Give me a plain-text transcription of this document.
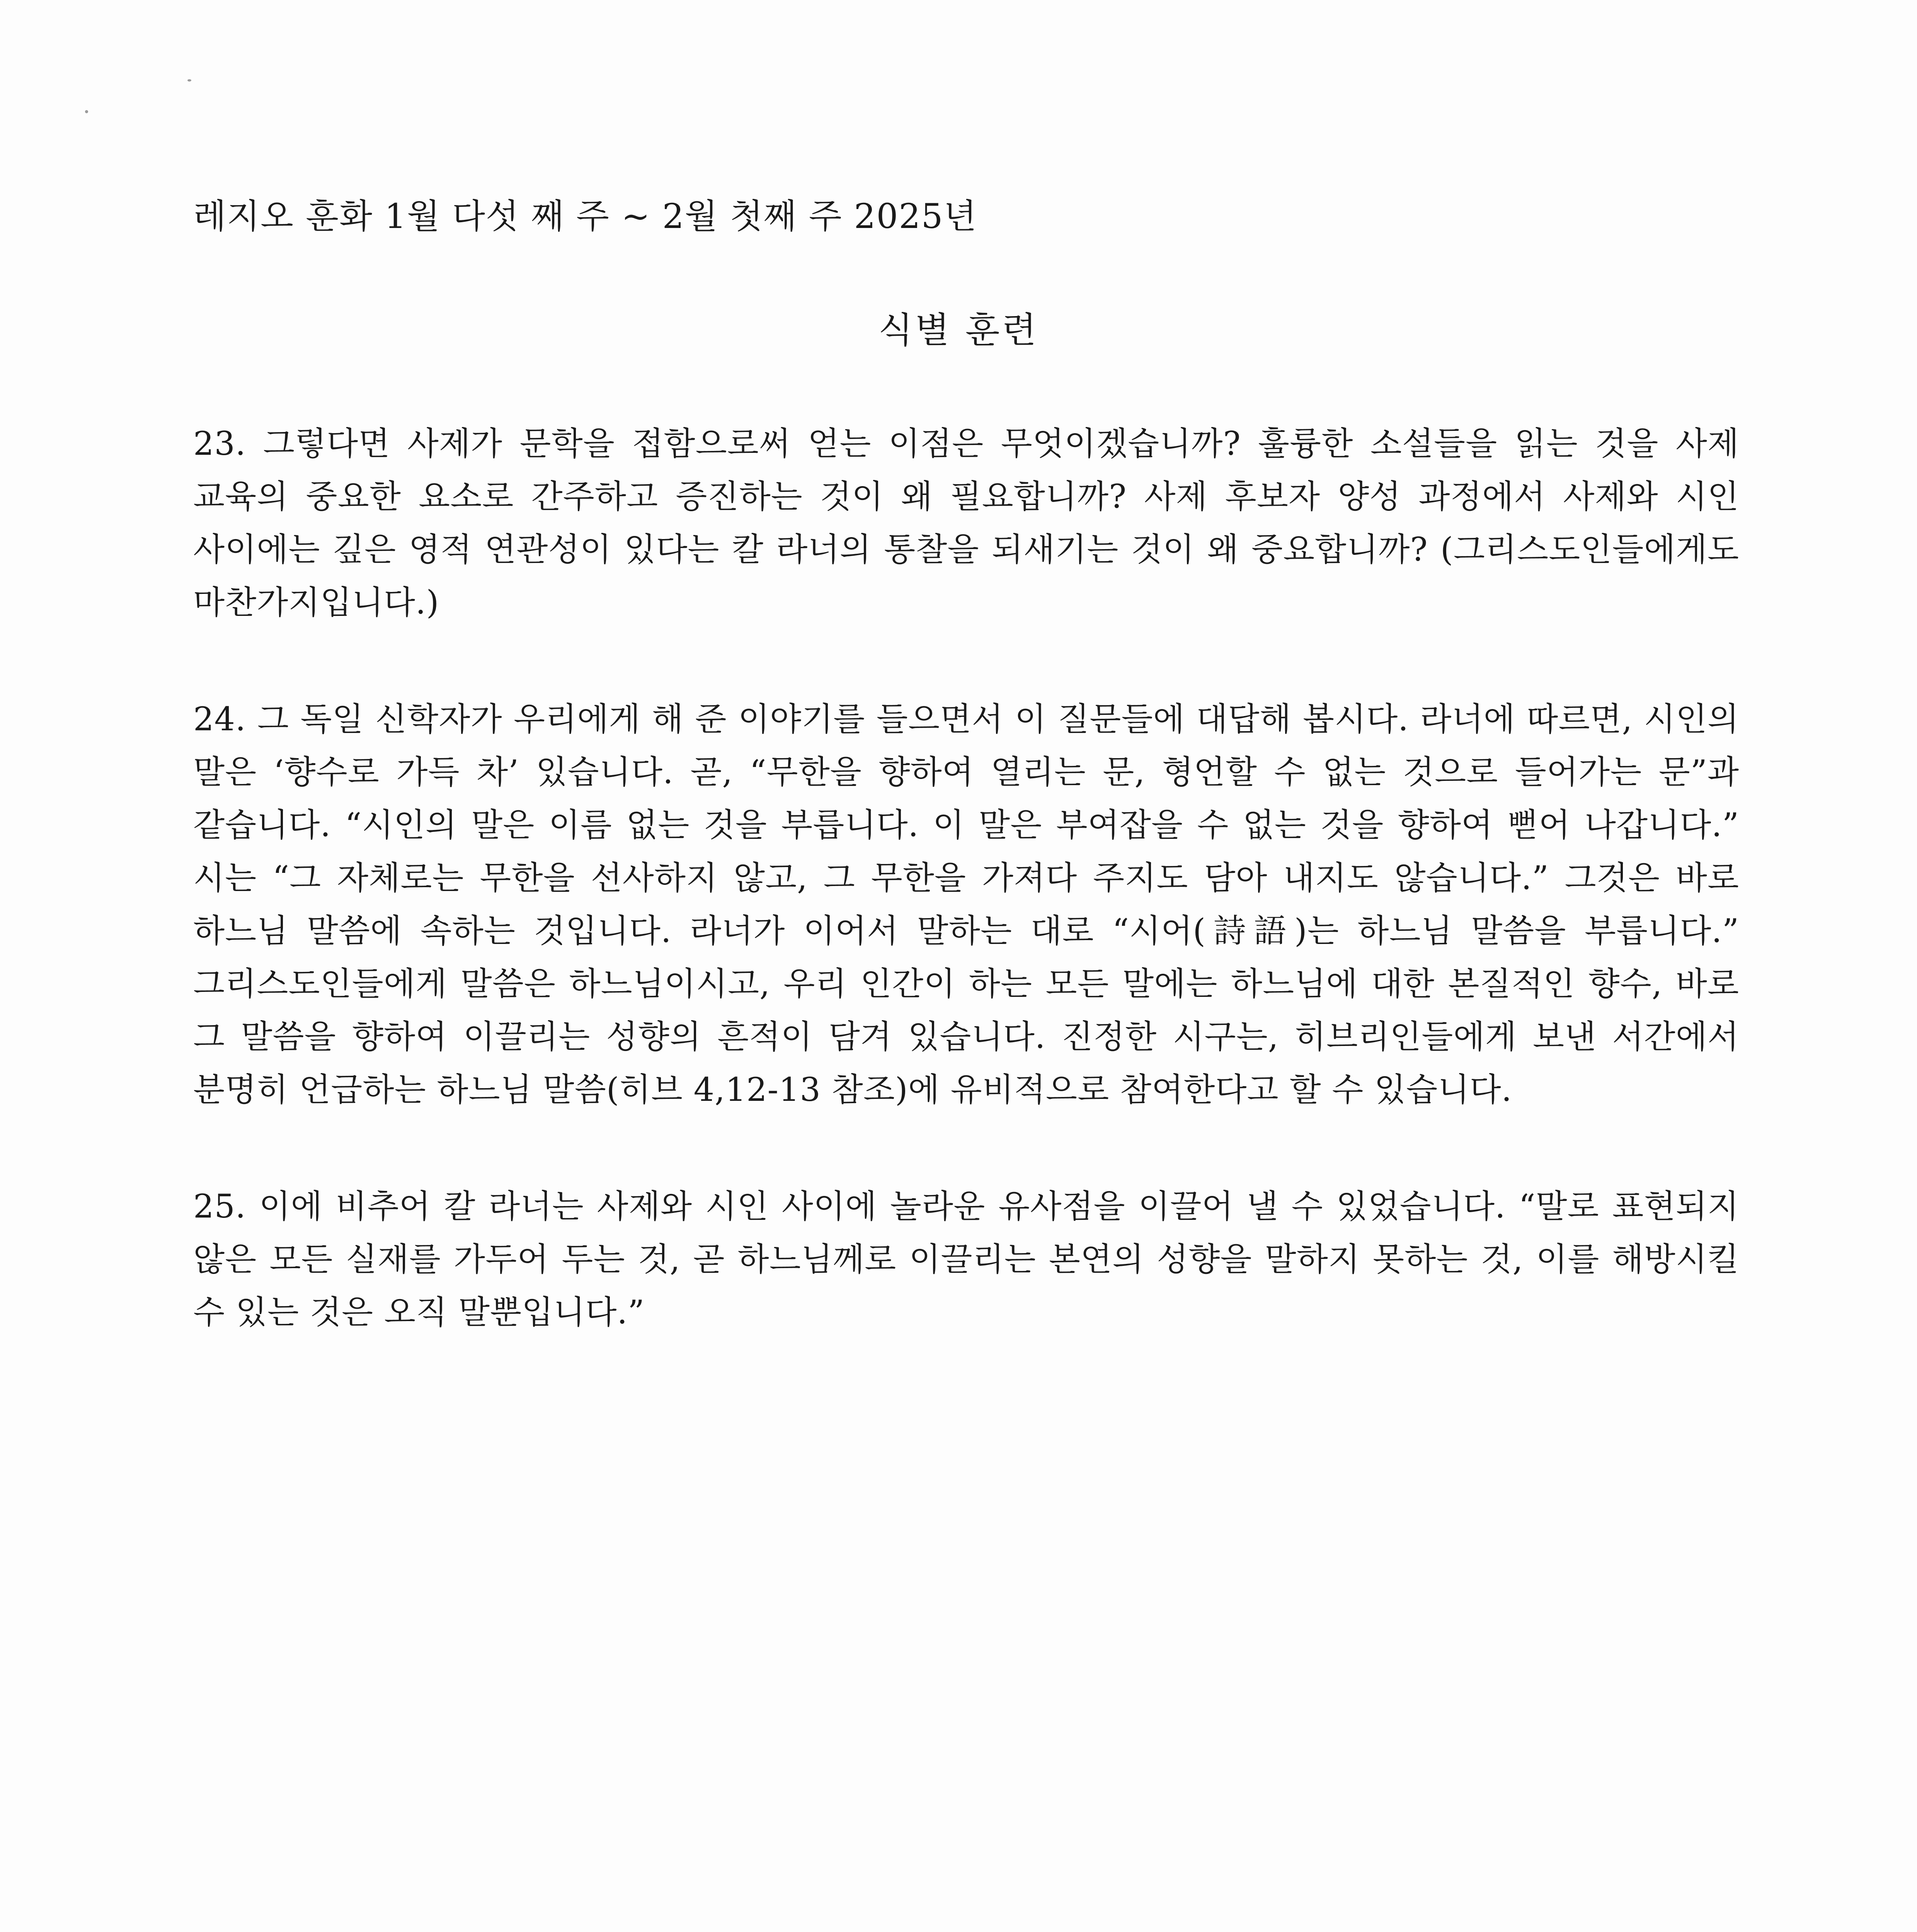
레지오 훈화 1월 다섯 째 주 ~ 2월 첫째 주 2025년
식별 훈련

23. 그렇다면 사제가 문학을 접함으로써 얻는 이점은 무엇이겠습니까? 훌륭한 소설들을 읽는 것을 사제 교육의 중요한 요소로 간주하고 증진하는 것이 왜 필요합니까? 사제 후보자 양성 과정에서 사제와 시인 사이에는 깊은 영적 연관성이 있다는 칼 라너의 통찰을 되새기는 것이 왜 중요합니까? (그리스도인들에게도 마찬가지입니다.)

24. 그 독일 신학자가 우리에게 해 준 이야기를 들으면서 이 질문들에 대답해 봅시다. 라너에 따르면, 시인의 말은 ‘향수로 가득 차’ 있습니다. 곧, “무한을 향하여 열리는 문, 형언할 수 없는 것으로 들어가는 문”과 같습니다. “시인의 말은 이름 없는 것을 부릅니다. 이 말은 부여잡을 수 없는 것을 향하여 뻗어 나갑니다.” 시는 “그 자체로는 무한을 선사하지 않고, 그 무한을 가져다 주지도 담아 내지도 않습니다.” 그것은 바로 하느님 말씀에 속하는 것입니다. 라너가 이어서 말하는 대로 “시어(詩語)는 하느님 말씀을 부릅니다.” 그리스도인들에게 말씀은 하느님이시고, 우리 인간이 하는 모든 말에는 하느님에 대한 본질적인 향수, 바로 그 말씀을 향하여 이끌리는 성향의 흔적이 담겨 있습니다. 진정한 시구는, 히브리인들에게 보낸 서간에서 분명히 언급하는 하느님 말씀(히브 4,12-13 참조)에 유비적으로 참여한다고 할 수 있습니다.

25. 이에 비추어 칼 라너는 사제와 시인 사이에 놀라운 유사점을 이끌어 낼 수 있었습니다. “말로 표현되지 않은 모든 실재를 가두어 두는 것, 곧 하느님께로 이끌리는 본연의 성향을 말하지 못하는 것, 이를 해방시킬 수 있는 것은 오직 말뿐입니다.”
